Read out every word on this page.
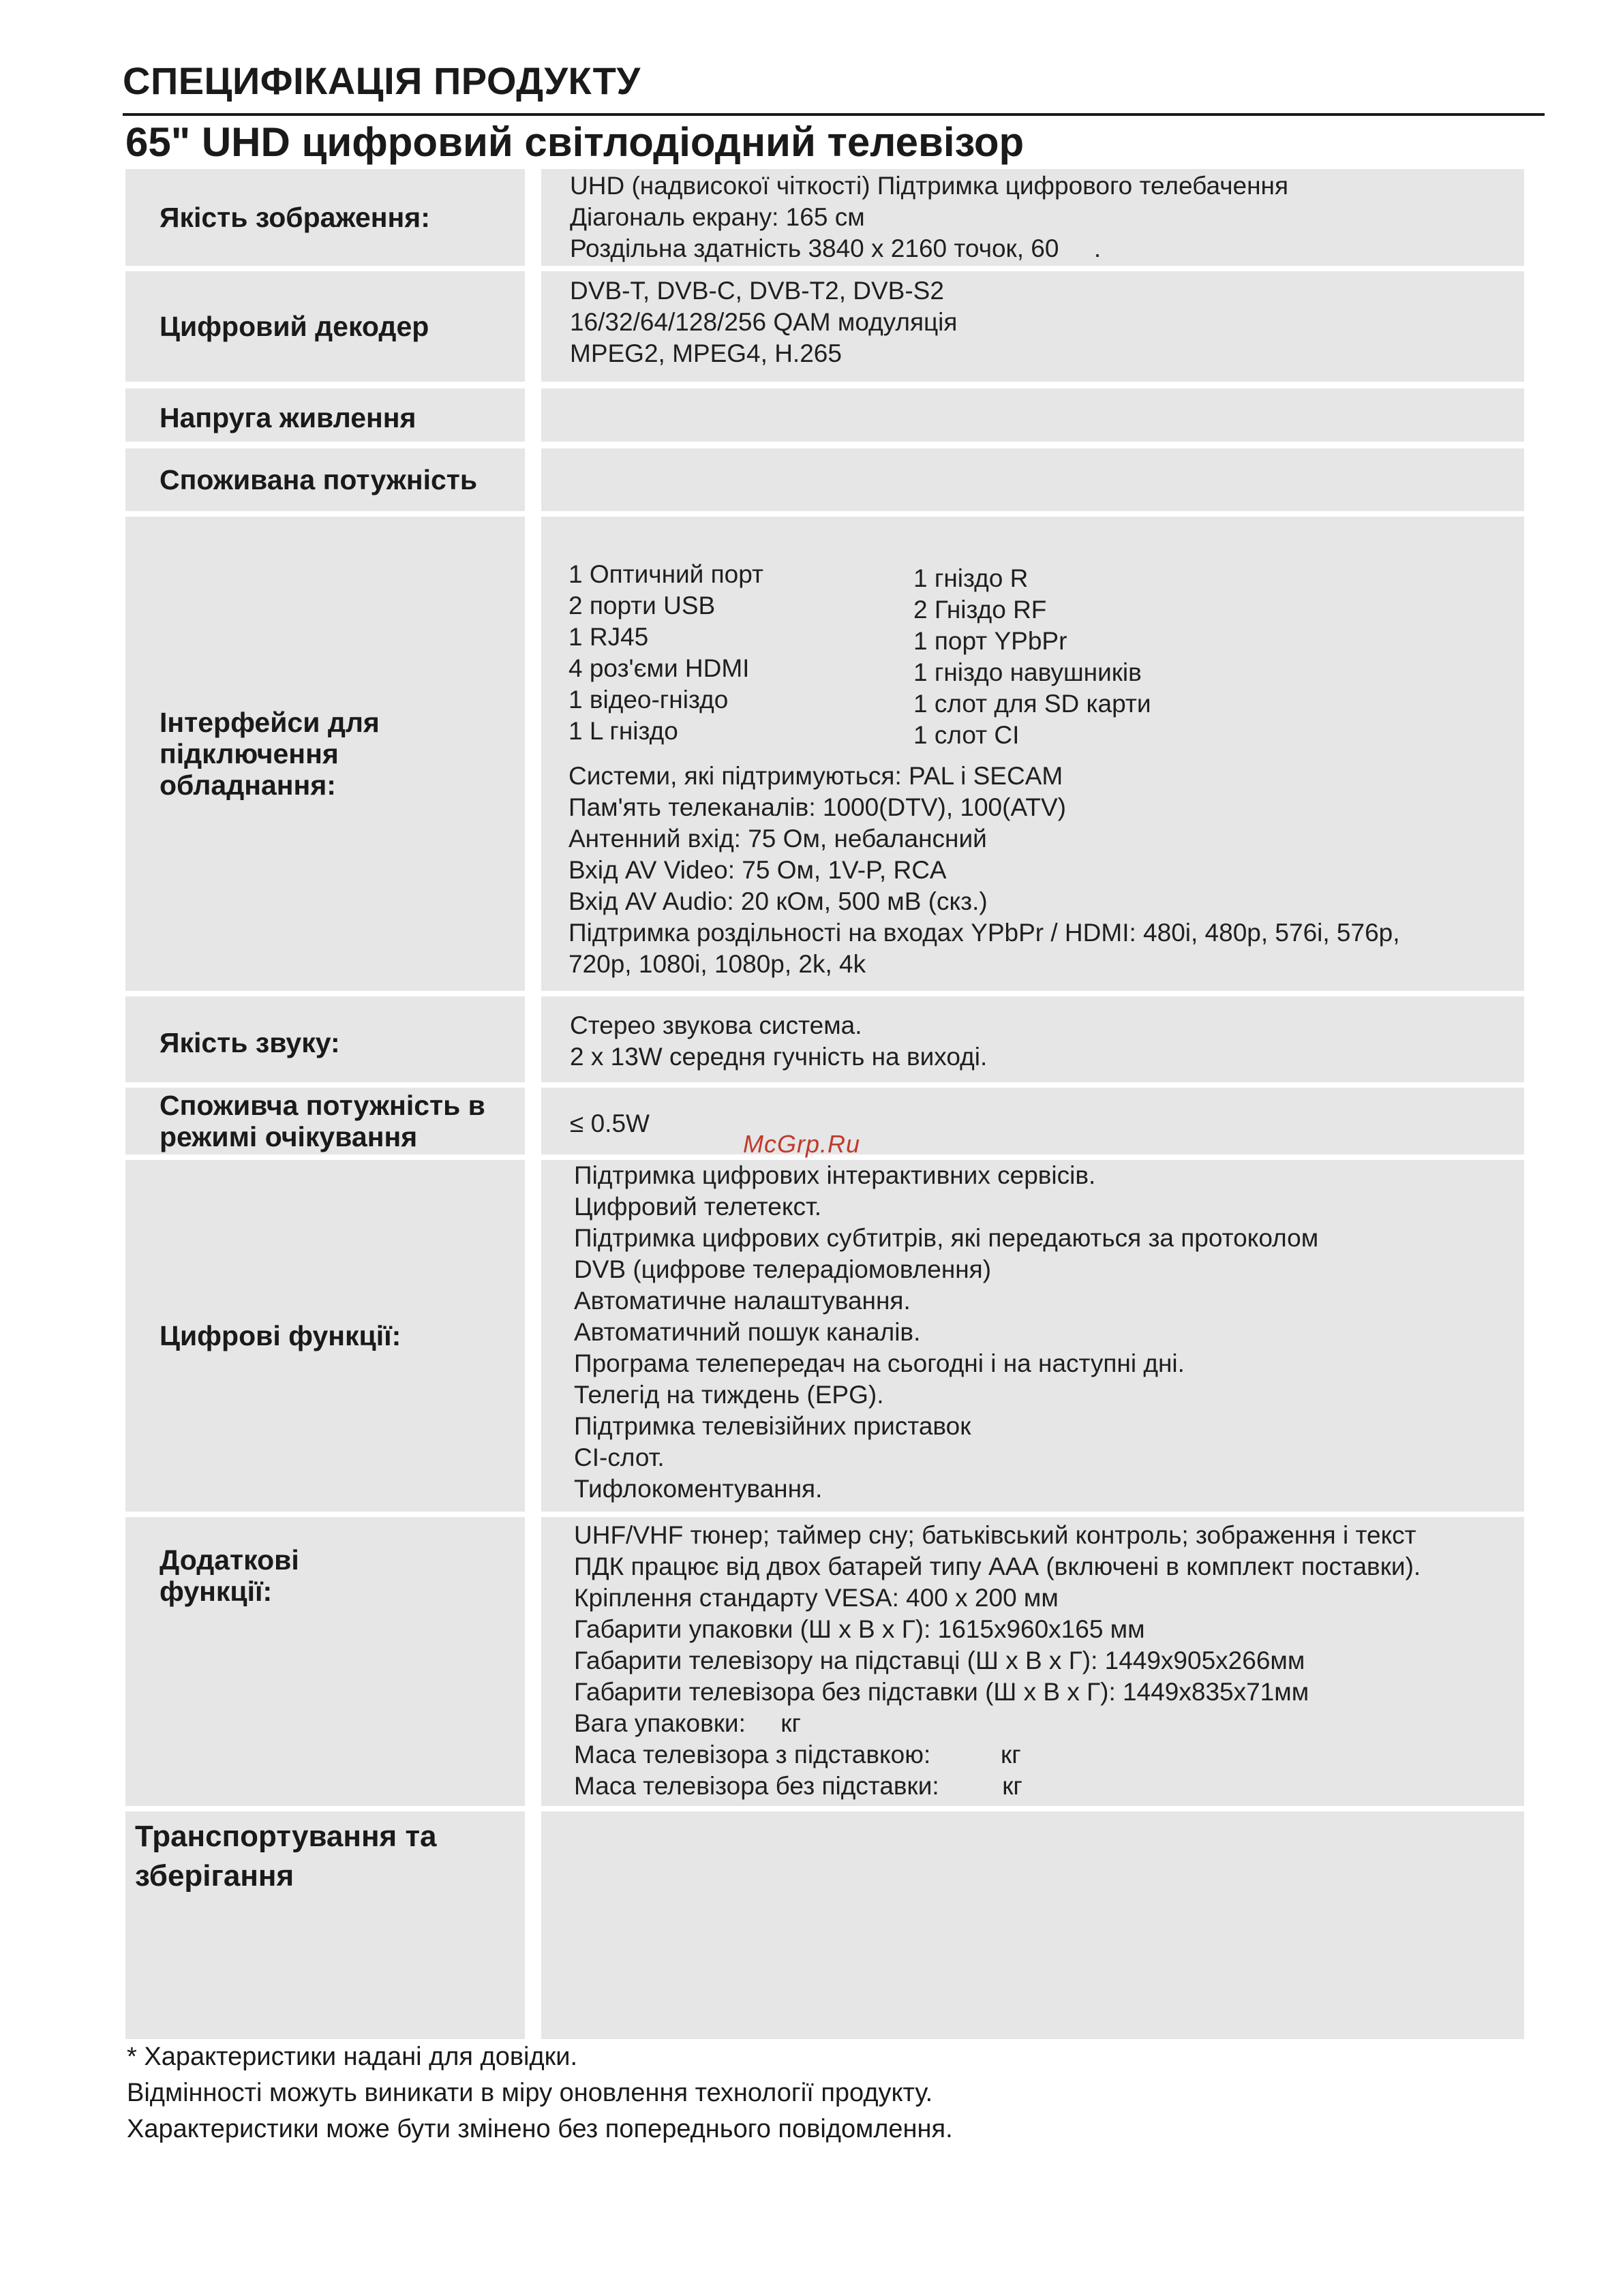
СПЕЦИФІКАЦІЯ ПРОДУКТУ
65" UHD цифровий світлодіодний телевізор
Якість зображення:
UHD (надвисокої чіткості) Підтримка цифрового телебачення
Діагональ екрану: 165 см
Роздільна здатність 3840 х 2160 точок, 60     .
Цифровий декодер
DVB-T, DVB-C, DVB-T2, DVB-S2
16/32/64/128/256 QAM модуляція
MPEG2, MPEG4, H.265
Напруга живлення
Споживана потужність
Інтерфейси для
підключення
обладнання:
1 Оптичний порт
2 порти USB
1 RJ45
4 роз'єми HDMI
1 відео-гніздо
1 L гніздо
1 гніздо R
2 Гніздо RF
1 порт YPbPr
1 гніздо навушників
1 слот для SD карти
1 слот CI
Системи, які підтримуються: PAL і SECAM
Пам'ять телеканалів: 1000(DTV), 100(ATV)
Антенний вхід: 75 Ом, небалансний
Вхід AV Video: 75 Ом, 1V-P, RCA
Вхід AV Audio: 20 кОм, 500 мВ (скз.)
Підтримка роздільності на входах YPbPr / HDMI: 480i, 480p, 576i, 576p,
720p, 1080i, 1080p, 2k, 4k
Якість звуку:
Стерео звукова система.
2 x 13W середня гучність на виході.
Споживча потужність в
режимі очікування	≤ 0.5W
Цифрові функції:
Підтримка цифрових інтерактивних сервісів.
Цифровий телетекст.
Підтримка цифрових субтитрів, які передаються за протоколом
DVB (цифрове телерадіомовлення)
Автоматичне налаштування.
Автоматичний пошук каналів.
Програма телепередач на сьогодні і на наступні дні.
Телегід на тиждень (EPG).
Підтримка телевізійних приставок
CI-слот.
Тифлокоментування.
Додаткові
функції:
UHF/VHF тюнер; таймер сну; батьківський контроль; зображення і текст
ПДК працює від двох батарей типу ААА (включені в комплект поставки).
Кріплення стандарту VESA: 400 x 200 мм
Габарити упаковки (Ш х В х Г): 1615x960x165 мм
Габарити телевізору на підставці (Ш х В х Г): 1449x905x266мм
Габарити телевізора без підставки (Ш х В х Г): 1449x835x71мм
Вага упаковки:     кг
Маса телевізора з підставкою:          кг
Маса телевізора без підставки:         кг
Транспортування та
зберігання
* Характеристики надані для довідки.
Відмінності можуть виникати в міру оновлення технології продукту.
Характеристики може бути змінено без попереднього повідомлення.
McGrp.Ru
